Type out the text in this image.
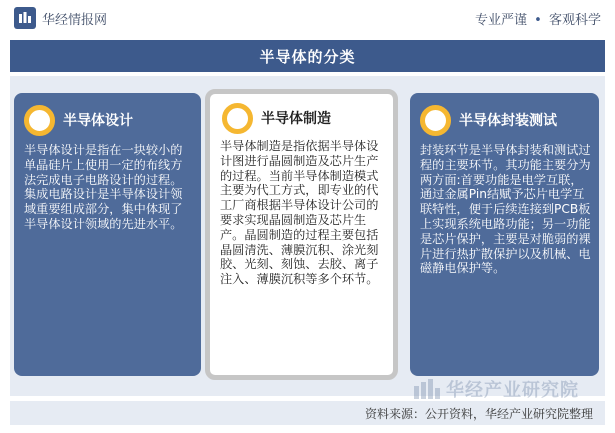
华经情报网	专业严谨 • 客观科学
半导体的分类
半导体设计

半导体设计是指在一块较小的单晶硅片上使用一定的布线方法完成电子电路设计的过程。集成电路设计是半导体设计领域重要组成部分，集中体现了半导体设计领域的先进水平。

半导体制造

半导体制造是指依据半导体设计图进行晶圆制造及芯片生产的过程。当前半导体制造模式主要为代工方式，即专业的代工厂商根据半导体设计公司的要求实现晶圆制造及芯片生产。晶圆制造的过程主要包括晶圆清洗、薄膜沉积、涂光刻胶、光刻、刻蚀、去胶、离子注入、薄膜沉积等多个环节。

半导体封装测试

封装环节是半导体封装和测试过程的主要环节。其功能主要分为两方面:首要功能是电学互联，通过金属Pin结赋予芯片电学互联特性，便于后续连接到PCB板上实现系统电路功能；另一功能是芯片保护，主要是对脆弱的裸片进行热扩散保护以及机械、电磁静电保护等。

资料来源：公开资料，华经产业研究院整理
华经产业研究院
